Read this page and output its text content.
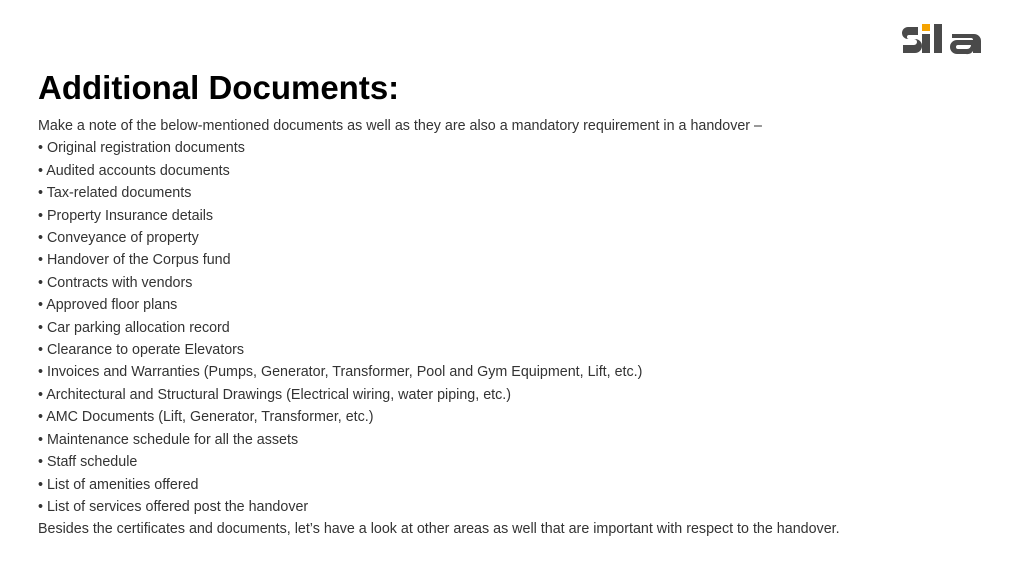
Additional Documents:

Make a note of the below-mentioned documents as well as they are also a mandatory requirement in a handover –

• Original registration documents
• Audited accounts documents
• Tax-related documents
• Property Insurance details
• Conveyance of property
• Handover of the Corpus fund
• Contracts with vendors
• Approved floor plans
• Car parking allocation record
• Clearance to operate Elevators
• Invoices and Warranties (Pumps, Generator, Transformer, Pool and Gym Equipment, Lift, etc.)
• Architectural and Structural Drawings (Electrical wiring, water piping, etc.)
• AMC Documents (Lift, Generator, Transformer, etc.)
• Maintenance schedule for all the assets
• Staff schedule
• List of amenities offered
• List of services offered post the handover

Besides the certificates and documents, let’s have a look at other areas as well that are important with respect to the handover.
